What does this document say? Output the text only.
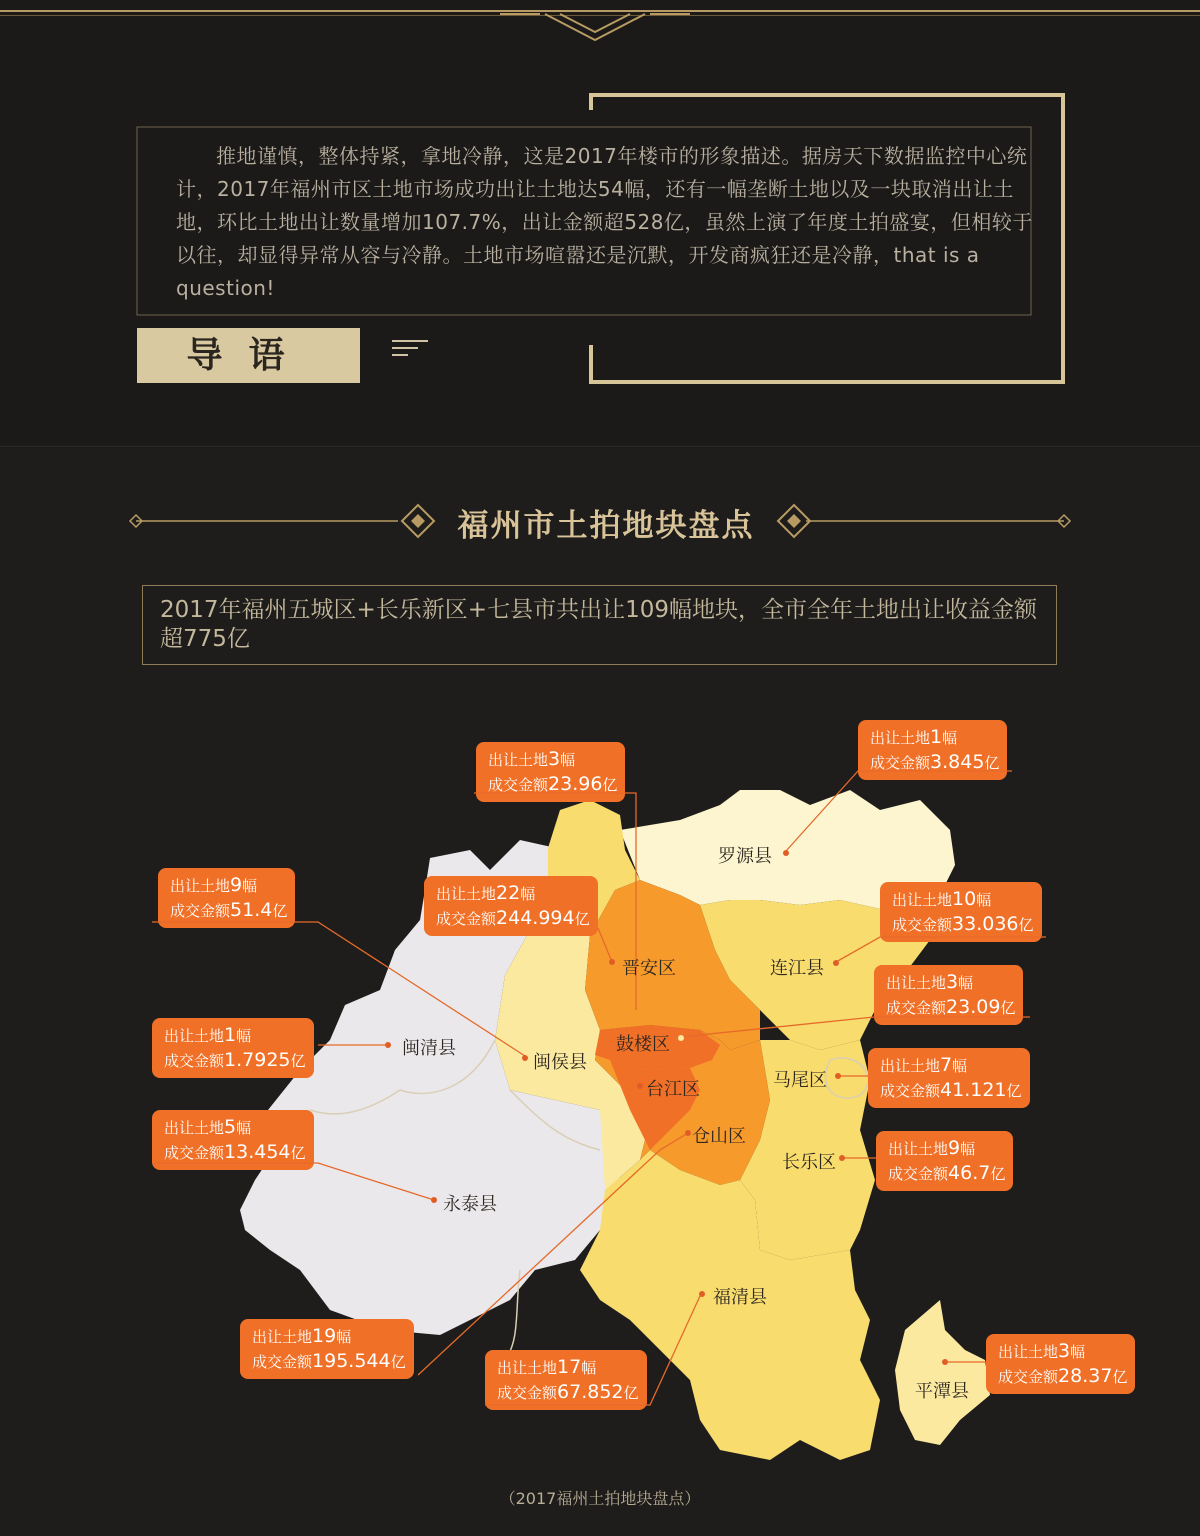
推地谨慎，整体持紧，拿地冷静，这是2017年楼市的形象描述。据房天下数据监控中心统计，2017年福州市区土地市场成功出让土地达54幅，还有一幅垄断土地以及一块取消出让土地，环比土地出让数量增加107.7%，出让金额超528亿，虽然上演了年度土拍盛宴，但相较于以往，却显得异常从容与冷静。土地市场喧嚣还是沉默，开发商疯狂还是冷静，that is a question!
导语
福州市土拍地块盘点
2017年福州五城区+长乐新区+七县市共出让109幅地块，全市全年土地出让收益金额超775亿
出让土地1幅
成交金额3.845亿
出让土地3幅
成交金额23.96亿
出让土地9幅
成交金额51.4亿
出让土地22幅
成交金额244.994亿
出让土地10幅
成交金额33.036亿
出让土地3幅
成交金额23.09亿
出让土地1幅
成交金额1.7925亿	出让土地7幅
成交金额41.121亿
出让土地5幅
成交金额13.454亿	出让土地9幅
成交金额46.7亿
出让土地19幅
成交金额195.544亿	出让土地17幅
成交金额67.852亿
出让土地3幅
成交金额28.37亿
罗源县
晋安区	连江县
闽清县
闽侯县
鼓楼区
台江区	马尾区
仓山区
长乐区
永泰县
福清县
平潭县
（2017福州土拍地块盘点）
